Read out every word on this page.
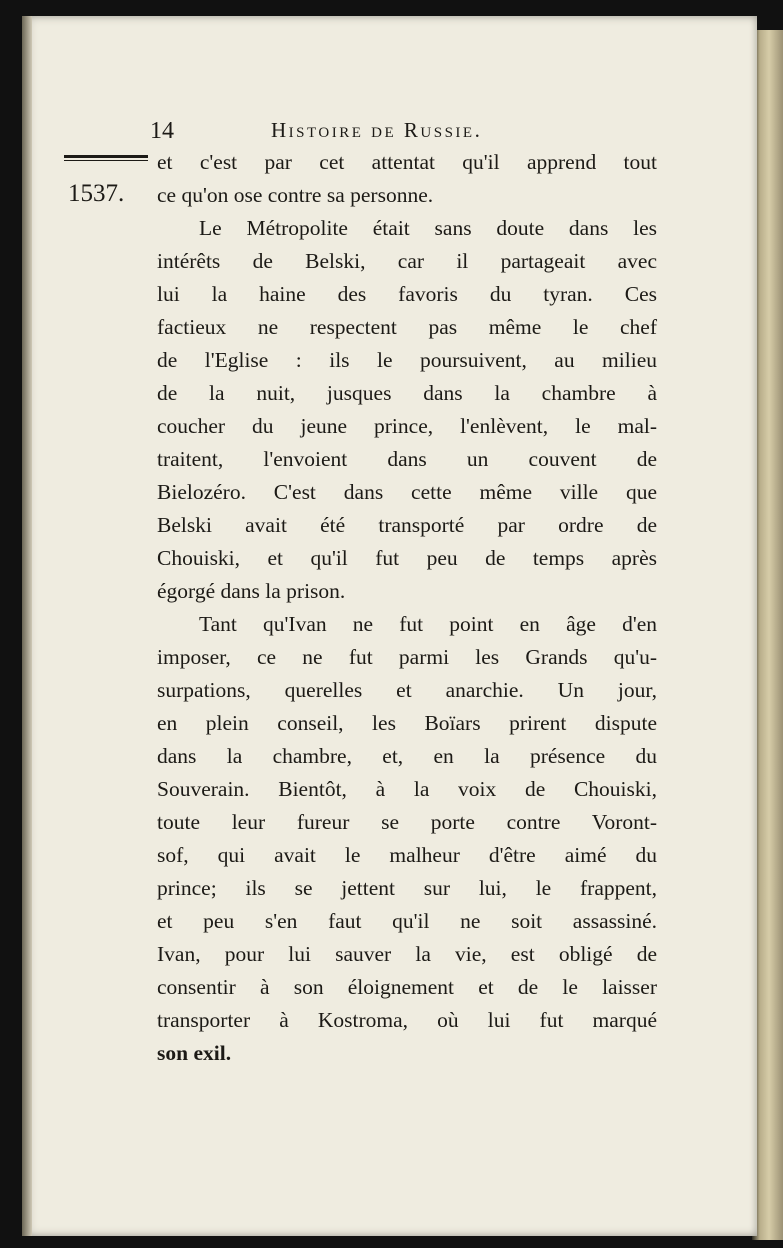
14	Histoire de Russie.
1537.
et c'est par cet attentat qu'il apprend tout
ce qu'on ose contre sa personne.
Le Métropolite était sans doute dans les
intérêts de Belski, car il partageait avec
lui la haine des favoris du tyran. Ces
factieux ne respectent pas même le chef
de l'Eglise : ils le poursuivent, au milieu
de la nuit, jusques dans la chambre à
coucher du jeune prince, l'enlèvent, le mal-
traitent, l'envoient dans un couvent de
Bielozéro. C'est dans cette même ville que
Belski avait été transporté par ordre de
Chouiski, et qu'il fut peu de temps après
égorgé dans la prison.
Tant qu'Ivan ne fut point en âge d'en
imposer, ce ne fut parmi les Grands qu'u-
surpations, querelles et anarchie. Un jour,
en plein conseil, les Boïars prirent dispute
dans la chambre, et, en la présence du
Souverain. Bientôt, à la voix de Chouiski,
toute leur fureur se porte contre Voront-
sof, qui avait le malheur d'être aimé du
prince; ils se jettent sur lui, le frappent,
et peu s'en faut qu'il ne soit assassiné.
Ivan, pour lui sauver la vie, est obligé de
consentir à son éloignement et de le laisser
transporter à Kostroma, où lui fut marqué
son exil.
